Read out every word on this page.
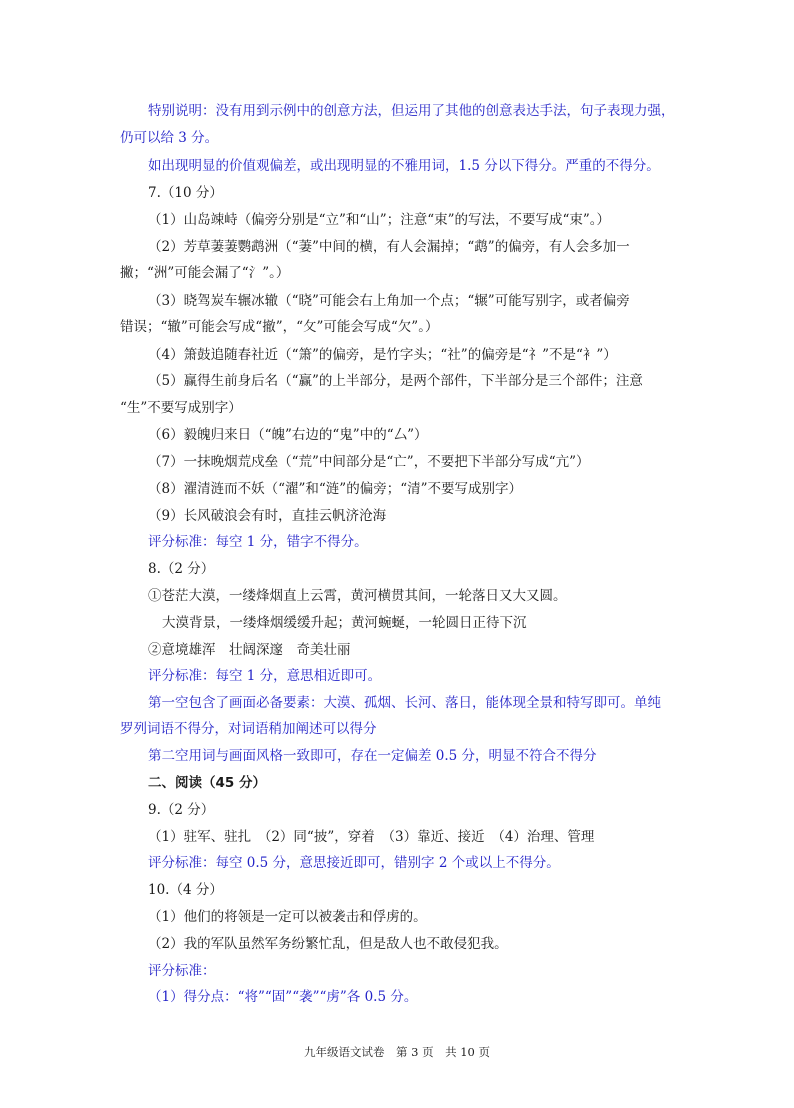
特别说明：没有用到示例中的创意方法，但运用了其他的创意表达手法，句子表现力强，
仍可以给 3 分。
如出现明显的价值观偏差，或出现明显的不雅用词，1.5 分以下得分。严重的不得分。
7.（10 分）
（1）山岛竦峙（偏旁分别是“立”和“山”；注意“束”的写法，不要写成“束”。）
（2）芳草萋萋鹦鹉洲（“萋”中间的横，有人会漏掉；“鹉”的偏旁，有人会多加一
撇；“洲”可能会漏了“氵”。）
（3）晓驾炭车辗冰辙（“晓”可能会右上角加一个点；“辗”可能写别字，或者偏旁
错误；“辙”可能会写成“撤”，“攵”可能会写成“欠”。）
（4）箫鼓追随春社近（“箫”的偏旁，是竹字头；“社”的偏旁是“礻”不是“衤”）
（5）赢得生前身后名（“赢”的上半部分，是两个部件，下半部分是三个部件；注意
“生”不要写成别字）
（6）毅魄归来日（“魄”右边的“鬼”中的“厶”）
（7）一抹晚烟荒戍垒（“荒”中间部分是“亡”，不要把下半部分写成“亢”）
（8）濯清涟而不妖（“濯”和“涟”的偏旁；“清”不要写成别字）
（9）长风破浪会有时，直挂云帆济沧海
评分标准：每空 1 分，错字不得分。
8.（2 分）
①苍茫大漠，一缕烽烟直上云霄，黄河横贯其间，一轮落日又大又圆。
大漠背景，一缕烽烟缓缓升起；黄河蜿蜒，一轮圆日正待下沉
②意境雄浑　壮阔深邃　奇美壮丽
评分标准：每空 1 分，意思相近即可。
第一空包含了画面必备要素：大漠、孤烟、长河、落日，能体现全景和特写即可。单纯
罗列词语不得分，对词语稍加阐述可以得分
第二空用词与画面风格一致即可，存在一定偏差 0.5 分，明显不符合不得分
二、阅读（45 分）
9.（2 分）
（1）驻军、驻扎　（2）同“披”，穿着　（3）靠近、接近　（4）治理、管理
评分标准：每空 0.5 分，意思接近即可，错别字 2 个或以上不得分。
10.（4 分）
（1）他们的将领是一定可以被袭击和俘虏的。
（2）我的军队虽然军务纷繁忙乱，但是敌人也不敢侵犯我。
评分标准：
（1）得分点：“将”“固”“袭”“虏”各 0.5 分。
九年级语文试卷　第 3 页　共 10 页
